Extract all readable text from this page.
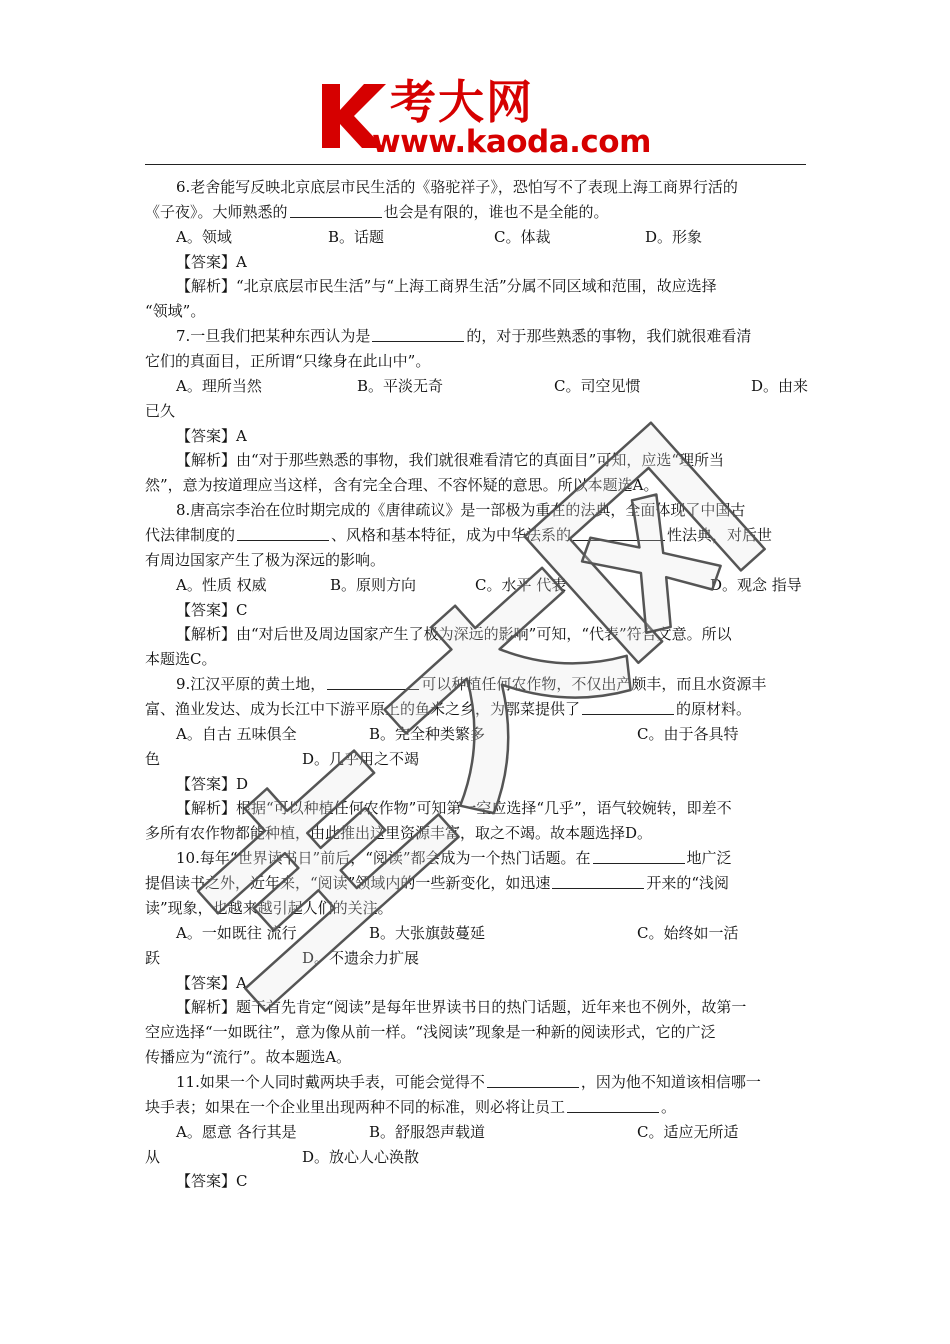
考大网
www.kaoda.com
6.老舍能写反映北京底层市民生活的《骆驼祥子》，恐怕写不了表现上海工商界行活的
《子夜》。大师熟悉的	也会是有限的，谁也不是全能的。
A。领域	B。话题	C。体裁	D。形象
【答案】A
【解析】“北京底层市民生活”与“上海工商界生活”分属不同区域和范围，故应选择
“领域”。
7.一旦我们把某种东西认为是	的，对于那些熟悉的事物，我们就很难看清
它们的真面目，正所谓“只缘身在此山中”。
A。理所当然	B。平淡无奇	C。司空见惯	D。由来
已久
【答案】A
【解析】由“对于那些熟悉的事物，我们就很难看清它的真面目”可知，应选“理所当
然”，意为按道理应当这样，含有完全合理、不容怀疑的意思。所以本题选A。
8.唐高宗李治在位时期完成的《唐律疏议》是一部极为重在的法典，全面体现了中国古
代法律制度的	、风格和基本特征，成为中华法系的	性法典，对后世
有周边国家产生了极为深远的影响。
A。性质 权威	B。原则方向	C。水平 代表	D。观念 指导
【答案】C
【解析】由“对后世及周边国家产生了极为深远的影响”可知，“代表”符合文意。所以
本题选C。
9.江汉平原的黄土地，	可以种植任何农作物，不仅出产颇丰，而且水资源丰
富、渔业发达、成为长江中下游平原上的鱼米之乡，为鄂菜提供了	的原材料。
A。自古 五味俱全	B。完全种类繁多	C。由于各具特
色	D。几乎用之不竭
【答案】D
【解析】根据“可以种植任何农作物”可知第一空应选择“几乎”，语气较婉转，即差不
多所有农作物都能种植，由此推出这里资源丰富，取之不竭。故本题选择D。
10.每年“世界读书日”前后，“阅读”都会成为一个热门话题。在	地广泛
提倡读书之外，近年来，“阅读”领域内的一些新变化，如迅速	开来的“浅阅
读”现象，也越来越引起人们的关注。
A。一如既往 流行	B。大张旗鼓蔓延	C。始终如一活
跃	D。不遗余力扩展
【答案】A
【解析】题干首先肯定“阅读”是每年世界读书日的热门话题，近年来也不例外，故第一
空应选择“一如既往”，意为像从前一样。“浅阅读”现象是一种新的阅读形式，它的广泛
传播应为“流行”。故本题选A。
11.如果一个人同时戴两块手表，可能会觉得不	，因为他不知道该相信哪一
块手表；如果在一个企业里出现两种不同的标准，则必将让员工	。
A。愿意 各行其是	B。舒服怨声载道	C。适应无所适
从	D。放心人心涣散
【答案】C
